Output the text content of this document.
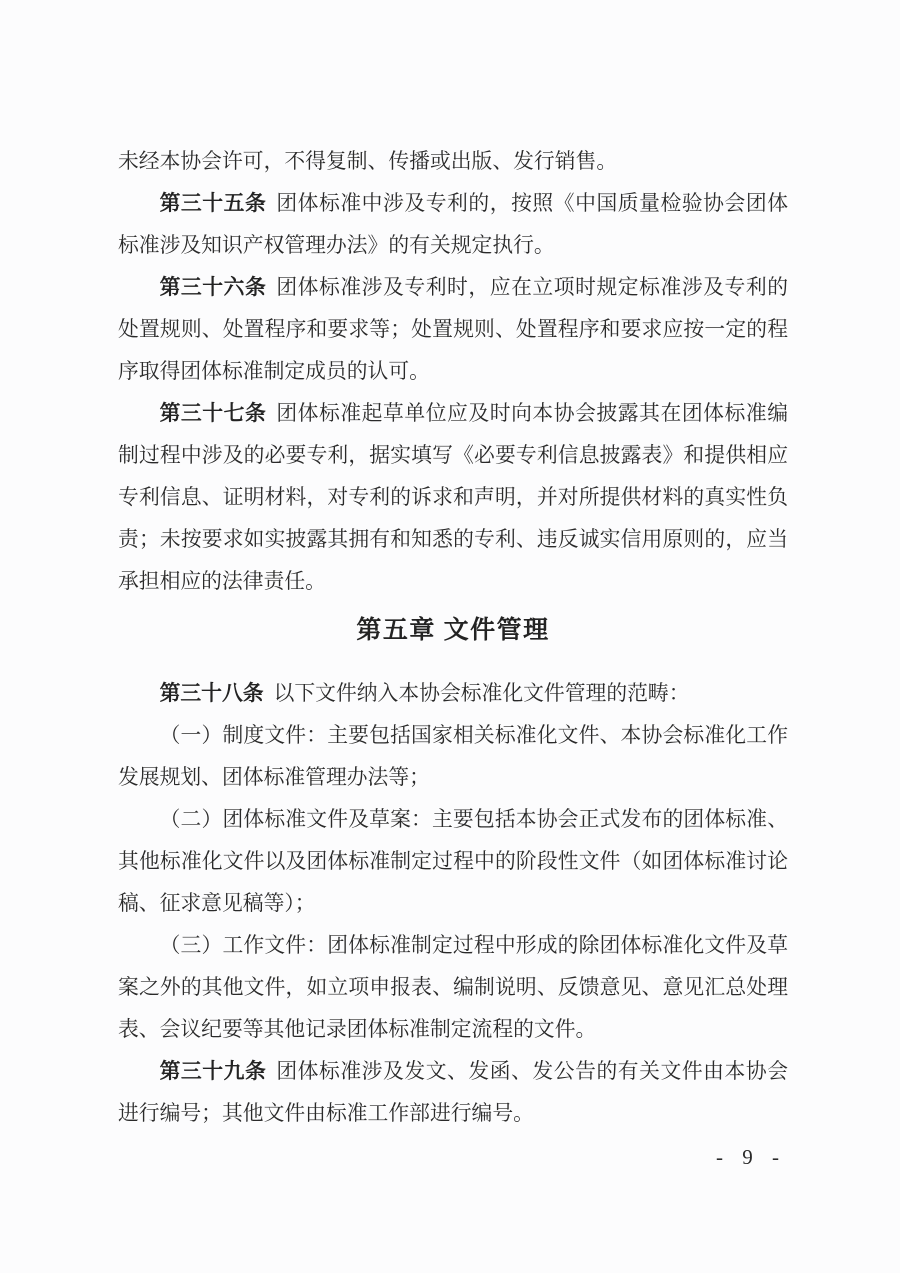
未经本协会许可，不得复制、传播或出版、发行销售。

第三十五条 团体标准中涉及专利的，按照《中国质量检验协会团体标准涉及知识产权管理办法》的有关规定执行。

第三十六条 团体标准涉及专利时，应在立项时规定标准涉及专利的处置规则、处置程序和要求等；处置规则、处置程序和要求应按一定的程序取得团体标准制定成员的认可。

第三十七条 团体标准起草单位应及时向本协会披露其在团体标准编制过程中涉及的必要专利，据实填写《必要专利信息披露表》和提供相应专利信息、证明材料，对专利的诉求和声明，并对所提供材料的真实性负责；未按要求如实披露其拥有和知悉的专利、违反诚实信用原则的，应当承担相应的法律责任。

第五章 文件管理

第三十八条 以下文件纳入本协会标准化文件管理的范畴：

（一）制度文件：主要包括国家相关标准化文件、本协会标准化工作发展规划、团体标准管理办法等；

（二）团体标准文件及草案：主要包括本协会正式发布的团体标准、其他标准化文件以及团体标准制定过程中的阶段性文件（如团体标准讨论稿、征求意见稿等）；

（三）工作文件：团体标准制定过程中形成的除团体标准化文件及草案之外的其他文件，如立项申报表、编制说明、反馈意见、意见汇总处理表、会议纪要等其他记录团体标准制定流程的文件。

第三十九条 团体标准涉及发文、发函、发公告的有关文件由本协会进行编号；其他文件由标准工作部进行编号。

- 9 -
